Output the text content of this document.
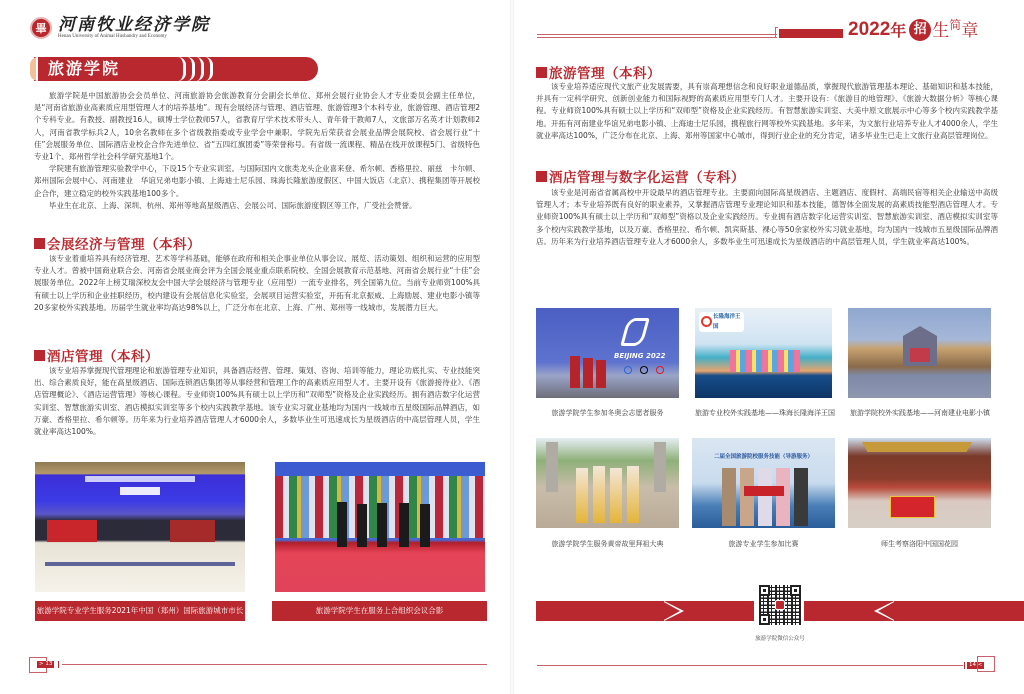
畢 河南牧业经济学院
Henan University of Animal Husbandry and Economy
旅游学院

旅游学院是中国旅游协会会员单位、河南旅游协会旅游教育分会副会长单位、郑州会展行业协会人才专业委员会副主任单位，是“河南省旅游业高素质应用型管理人才的培养基地”。现有会展经济与管理、酒店管理、旅游管理3个本科专业，旅游管理、酒店管理2个专科专业。有教授、副教授16人，硕博士学位教师57人，省教育厅学术技术带头人、青年骨干教师7人，文旅部万名英才计划教师2人，河南省教学标兵2人，10余名教师在多个省级教指委或专业学会中兼职。学院先后荣获省会展业品牌会展院校、省会展行业“十佳”会展服务单位、国际酒店业校企合作先进单位、省“五四红旗团委”等荣誉称号。有省级一流课程、精品在线开放课程5门、省级特色专业1个、郑州哲学社会科学研究基地1个。

学院建有旅游管理实验教学中心，下设15个专业实训室。与国际国内文旅类龙头企业喜来登、希尔顿、香格里拉、丽兹　卡尔顿、郑州国际会展中心、河南建业　华谊兄弟电影小镇、上海迪士尼乐园、珠海长隆旅游度假区、中国大饭店（北京）、携程集团等开展校企合作，建立稳定的校外实践基地100多个。

毕业生在北京、上海、深圳、杭州、郑州等地高星级酒店、会展公司、国际旅游度假区等工作，广受社会赞誉。

会展经济与管理（本科）

该专业着重培养具有经济管理、艺术等学科基础，能够在政府和相关企事业单位从事会议、展览、活动策划、组织和运营的应用型专业人才。曾被中国商业联合会、河南省会展业商会评为全国会展业重点联系院校、全国会展教育示范基地、河南省会展行业“十佳”会展服务单位。2022年上榜艾瑞深校友会中国大学会展经济与管理专业（应用型）一流专业排名，列全国第九位。当前专业师资100%具有硕士以上学历和企业挂职经历，校内建设有会展信息化实验室，会展项目运营实验室，开拓有北京振威、上海励展、建业电影小镇等20多家校外实践基地。历届学生就业率均高达98%以上，广泛分布在北京、上海、广州、郑州等一线城市，发展潜力巨大。

酒店管理（本科）

该专业培养掌握现代管理理论和旅游管理专业知识，具备酒店经营、管理、策划、咨询、培训等能力，理论功底扎实、专业技能突出、综合素质良好，能在高星级酒店、国际连锁酒店集团等从事经营和管理工作的高素质应用型人才。主要开设有《旅游接待业》、《酒店管理概论》、《酒店运营管理》等核心课程。专业师资100%具有硕士以上学历和“双师型”资格及企业实践经历。拥有酒店数字化运营实训室、智慧旅游实训室、酒店模拟实训室等多个校内实践教学基地。该专业实习就业基地均为国内一线城市五星级国际品牌酒店，如万豪、香格里拉、希尔顿等。历年来为行业培养酒店管理人才6000余人，多数毕业生可迅速成长为星级酒店的中高层管理人员，学生就业率高达100%。

旅游学院专业学生服务2021年中国（郑州）国际旅游城市市长论坛
旅游学院学生在服务上合组织会议合影
> 13
2022 年 招 生 简 章
旅游管理（本科）

该专业培养适应现代文旅产业发展需要，具有崇高理想信念和良好职业道德品质，掌握现代旅游管理基本理论、基础知识和基本技能，并具有一定科学研究、创新创业能力和国际视野的高素质应用型专门人才。主要开设有：《旅游目的地管理》、《旅游大数据分析》等核心课程。专业师资100%具有硕士以上学历和“双师型”资格及企业实践经历。有智慧旅游实训室、大美中原文旅展示中心等多个校内实践教学基地。开拓有河南建业华谊兄弟电影小镇、上海迪士尼乐园，携程旅行网等校外实践基地。多年来，为文旅行业培养专业人才4000余人，学生就业率高达100%，广泛分布在北京、上海、郑州等国家中心城市，得到行业企业的充分肯定，诸多毕业生已走上文旅行业高层管理岗位。

酒店管理与数字化运营（专科）

该专业是河南省省属高校中开设最早的酒店管理专业。主要面向国际高星级酒店、主题酒店、度假村、高端民宿等相关企业输送中高级管理人才；本专业培养既有良好的职业素养，又掌握酒店管理专业理论知识和基本技能，德智体全面发展的高素质技能型酒店管理人才。专业师资100%具有硕士以上学历和“双师型”资格以及企业实践经历。专业拥有酒店数字化运营实训室、智慧旅游实训室、酒店模拟实训室等多个校内实践教学基地，以及万豪、香格里拉、希尔顿、凯宾斯基、裸心等50余家校外实习就业基地，均为国内一线城市五星级国际品牌酒店。历年来为行业培养酒店管理专业人才6000余人，多数毕业生可迅速成长为星级酒店的中高层管理人员，学生就业率高达100%。

BEIJING 2022
旅游学院学生参加冬奥会志愿者服务
长隆海洋王国
旅游专业校外实践基地——珠海长隆海洋王国	旅游学院校外实践基地——河南建业电影小镇
旅游学院学生服务黄帝故里拜祖大典
二届全国旅游院校服务技能（导游服务）
旅游专业学生参加比赛	师生考察洛阳中国国花园
旅游学院微信公众号
14 <
